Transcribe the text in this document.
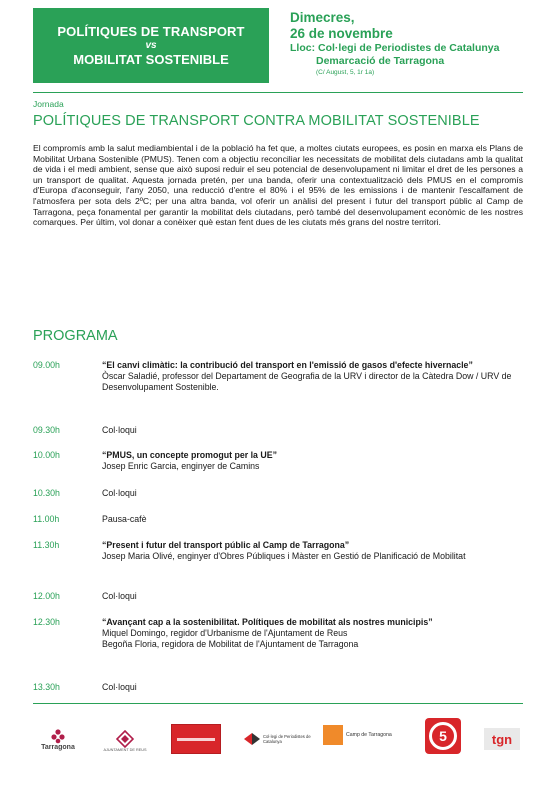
POLÍTIQUES DE TRANSPORT
vs
MOBILITAT SOSTENIBLE
Dimecres,
26 de novembre
Lloc: Col·legi de Periodistes de Catalunya
Demarcació de Tarragona
(C/ August, 5, 1r 1a)
Jornada
POLÍTIQUES DE TRANSPORT CONTRA MOBILITAT SOSTENIBLE
El compromís amb la salut mediambiental i de la població ha fet que, a moltes ciutats europees, es posin en marxa els Plans de Mobilitat Urbana Sostenible (PMUS). Tenen com a objectiu reconciliar les necessitats de mobilitat dels ciutadans amb la qualitat de vida i el medi ambient, sense que això suposi reduir el seu potencial de desenvolupament ni limitar el dret de les persones a un transport de qualitat. Aquesta jornada pretén, per una banda, oferir una contextualització dels PMUS en el compromís d'Europa d'aconseguir, l'any 2050, una reducció d'entre el 80% i el 95% de les emissions i de mantenir l'escalfament de l'atmosfera per sota dels 2ºC; per una altra banda, vol oferir un anàlisi del present i futur del transport públic al Camp de Tarragona, peça fonamental per garantir la mobilitat dels ciutadans, però també del desenvolupament econòmic de les nostres comarques. Per últim, vol donar a conèixer què estan fent dues de les ciutats més grans del nostre territori.
PROGRAMA
09.00h	“El canvi climàtic: la contribució del transport en l'emissió de gasos d'efecte hivernacle”
Òscar Saladié, professor del Departament de Geografia de la URV i director de la Càtedra Dow / URV de Desenvolupament Sostenible.
09.30h	Col·loqui
10.00h	“PMUS, un concepte promogut per la UE”
Josep Enric Garcia, enginyer de Camins
10.30h	Col·loqui
11.00h	Pausa-cafè
11.30h	“Present i futur del transport públic al Camp de Tarragona”
Josep Maria Olivé, enginyer d'Obres Públiques i Màster en Gestió de Planificació de Mobilitat
12.00h	Col·loqui
12.30h	“Avançant cap a la sostenibilitat. Polítiques de mobilitat als nostres municipis”
Miquel Domingo, regidor d'Urbanisme de l'Ajuntament de Reus
Begoña Floria, regidora de Mobilitat de l'Ajuntament de Tarragona
13.30h	Col·loqui
Tarragona	AJUNTAMENT DE REUS
Col·legi de Periodistes de Catalunya
Camp de Tarragona	5	tgn
